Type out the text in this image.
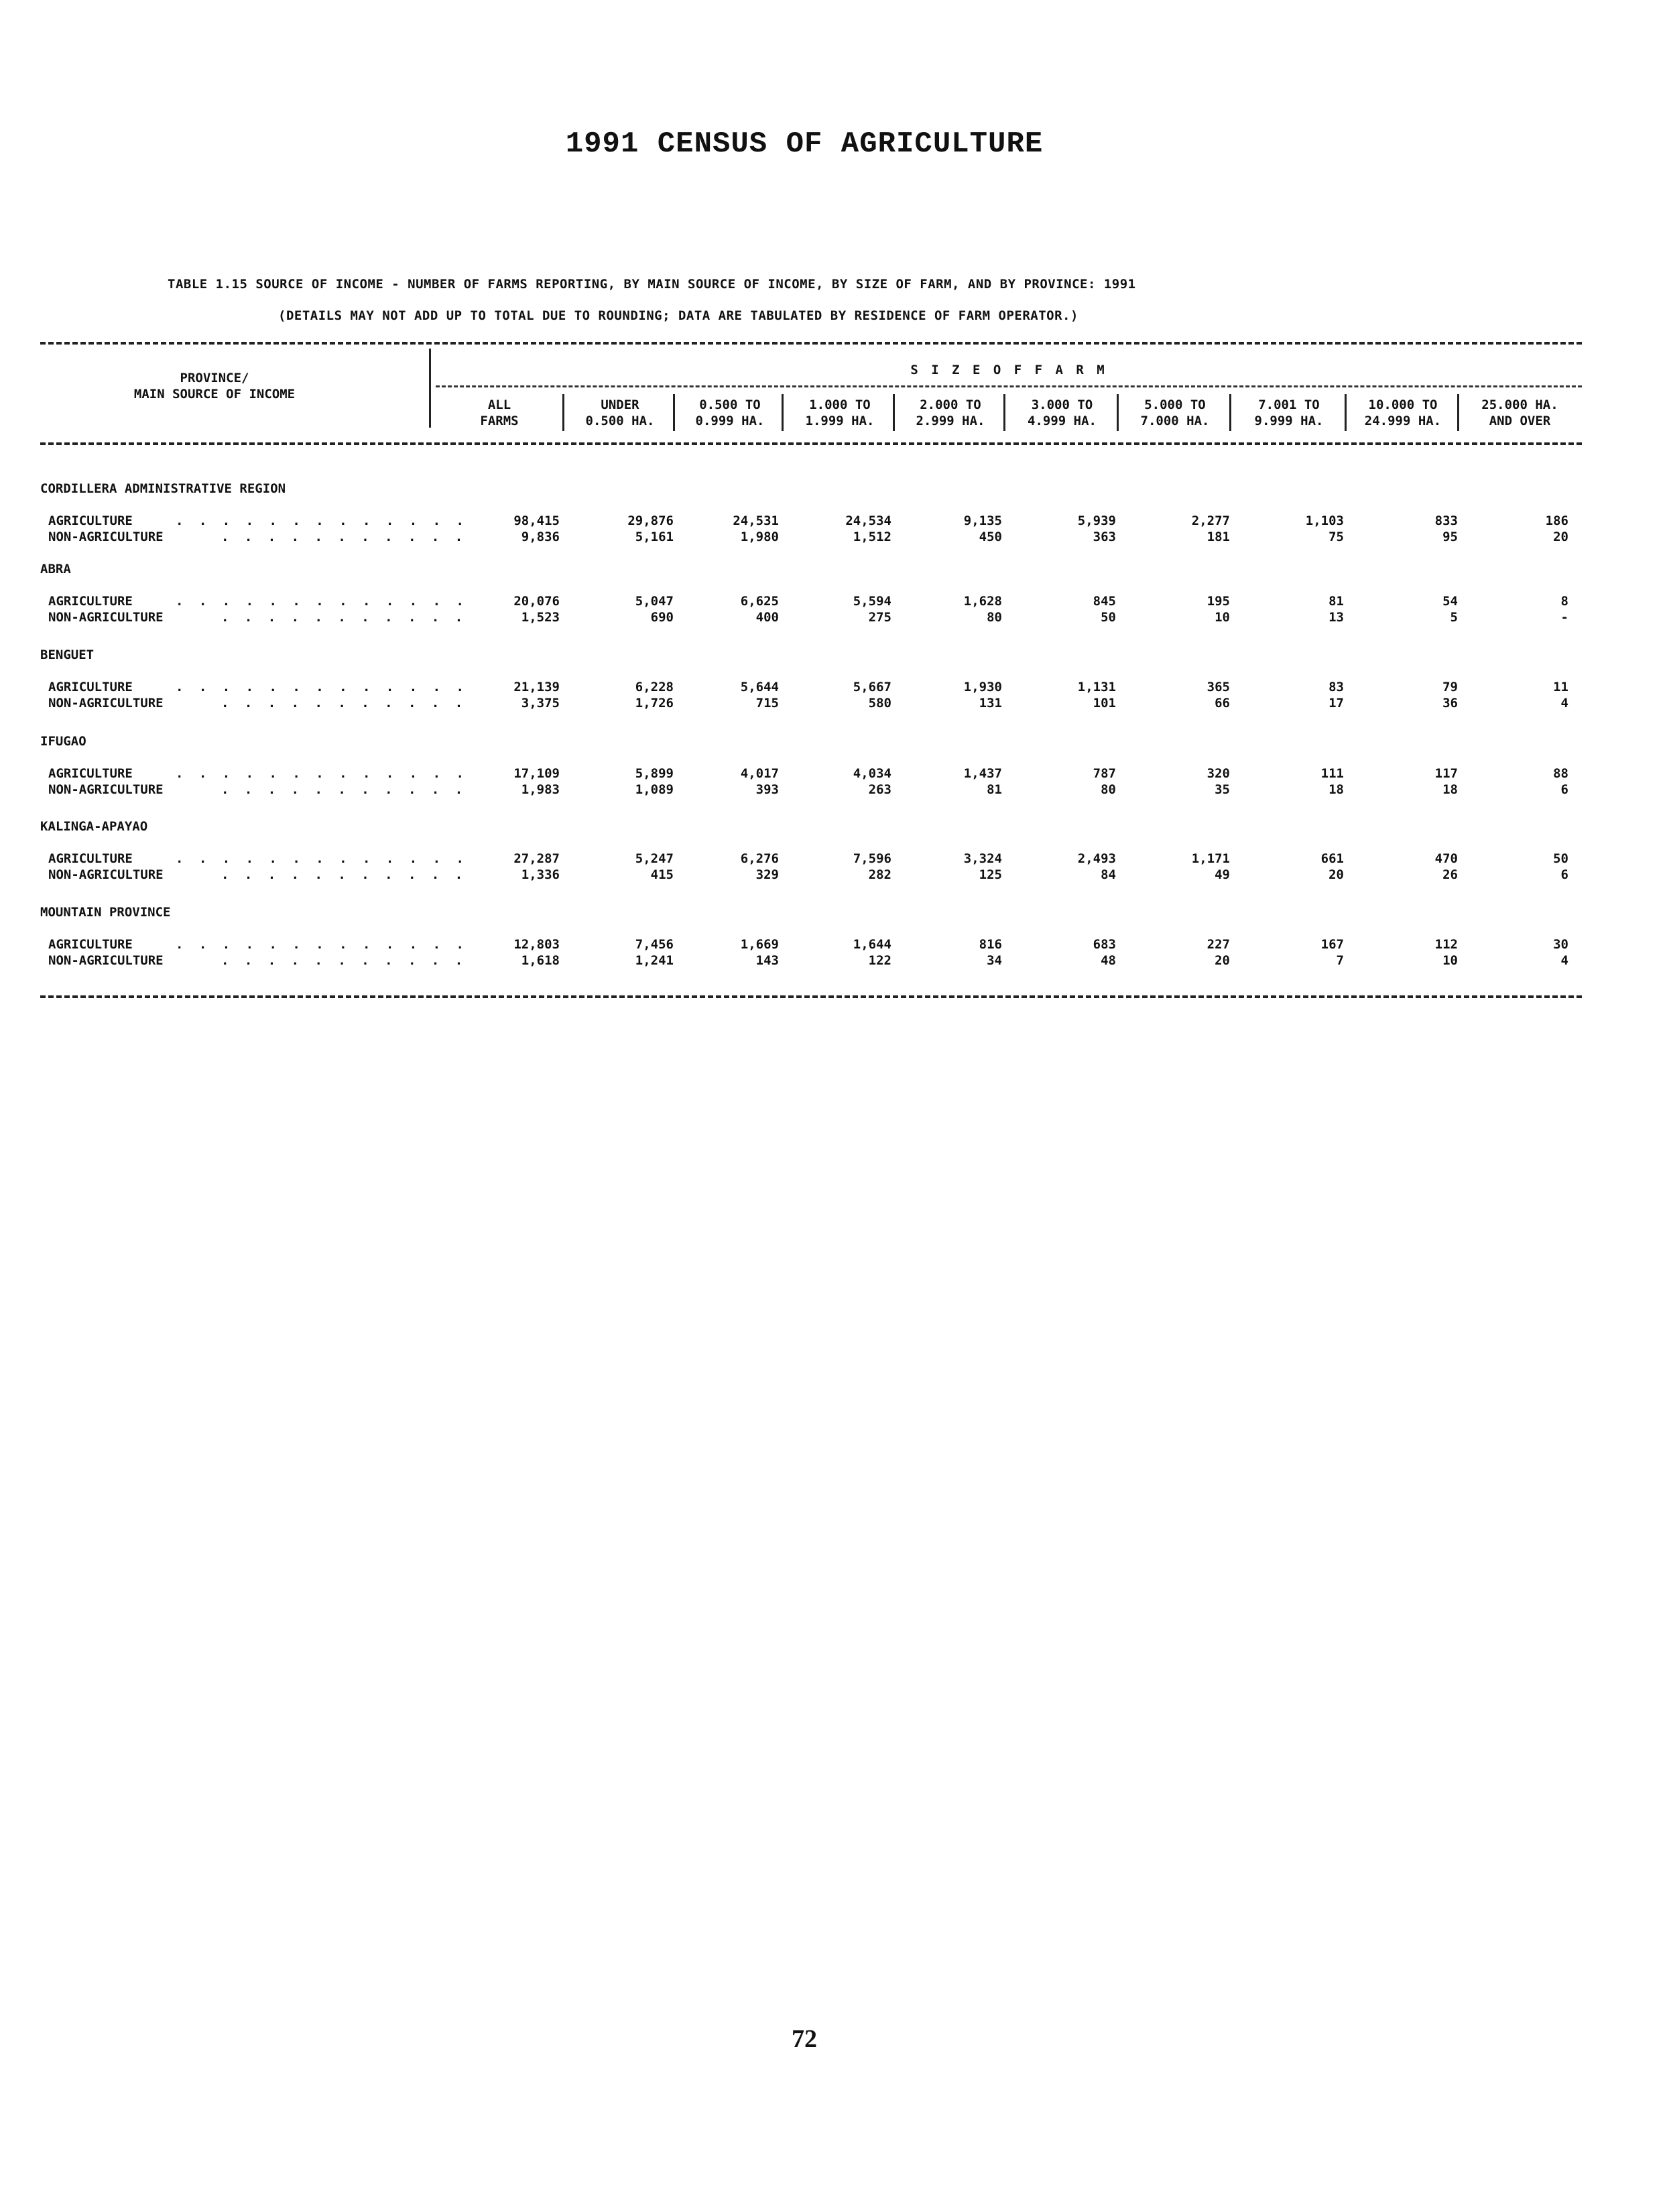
1991 CENSUS OF AGRICULTURE
TABLE 1.15 SOURCE OF INCOME - NUMBER OF FARMS REPORTING, BY MAIN SOURCE OF INCOME, BY SIZE OF FARM, AND BY PROVINCE: 1991
(DETAILS MAY NOT ADD UP TO TOTAL DUE TO ROUNDING; DATA ARE TABULATED BY RESIDENCE OF FARM OPERATOR.)
PROVINCE/
MAIN SOURCE OF INCOME
S I Z E O F F A R M
ALL
FARMS
UNDER
0.500 HA.
0.500 TO
0.999 HA.
1.000 TO
1.999 HA.
2.000 TO
2.999 HA.
3.000 TO
4.999 HA.
5.000 TO
7.000 HA.
7.001 TO
9.999 HA.
10.000 TO
24.999 HA.
25.000 HA.
AND OVER
CORDILLERA ADMINISTRATIVE REGION
AGRICULTURE	. . . . . . . . . . . . .	98,415	29,876	24,531	24,534	9,135	5,939	2,277	1,103	833	186
NON-AGRICULTURE	. . . . . . . . . . .	9,836	5,161	1,980	1,512	450	363	181	75	95	20
ABRA
AGRICULTURE	. . . . . . . . . . . . .	20,076	5,047	6,625	5,594	1,628	845	195	81	54	8
NON-AGRICULTURE	. . . . . . . . . . .	1,523	690	400	275	80	50	10	13	5	-
BENGUET
AGRICULTURE	. . . . . . . . . . . . .	21,139	6,228	5,644	5,667	1,930	1,131	365	83	79	11
NON-AGRICULTURE	. . . . . . . . . . .	3,375	1,726	715	580	131	101	66	17	36	4
IFUGAO
AGRICULTURE	. . . . . . . . . . . . .	17,109	5,899	4,017	4,034	1,437	787	320	111	117	88
NON-AGRICULTURE	. . . . . . . . . . .	1,983	1,089	393	263	81	80	35	18	18	6
KALINGA-APAYAO
AGRICULTURE	. . . . . . . . . . . . .	27,287	5,247	6,276	7,596	3,324	2,493	1,171	661	470	50
NON-AGRICULTURE	. . . . . . . . . . .	1,336	415	329	282	125	84	49	20	26	6
MOUNTAIN PROVINCE
AGRICULTURE	. . . . . . . . . . . . .	12,803	7,456	1,669	1,644	816	683	227	167	112	30
NON-AGRICULTURE	. . . . . . . . . . .	1,618	1,241	143	122	34	48	20	7	10	4
72
